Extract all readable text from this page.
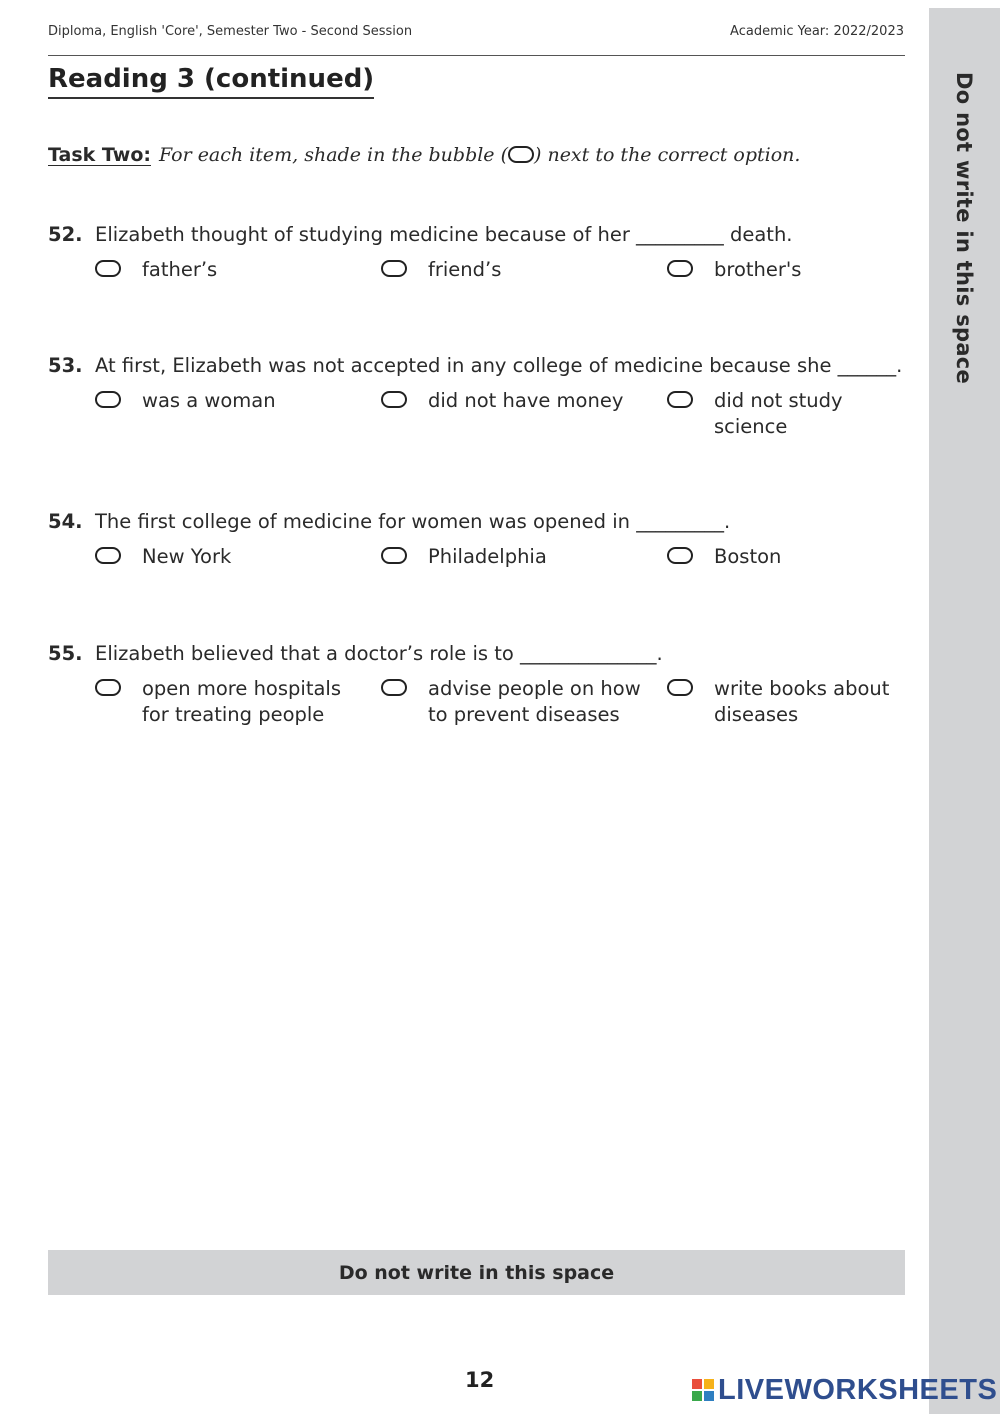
Do not write in this space
Diploma, English 'Core', Semester Two - Second Session	Academic Year: 2022/2023
Reading 3 (continued)
Task Two: For each item, shade in the bubble ( ) next to the correct option.
52. Elizabeth thought of studying medicine because of her _________ death.
father’s	friend’s	brother's
53. At first, Elizabeth was not accepted in any college of medicine because she ______.
was a woman	did not have money	did not study
science
54. The first college of medicine for women was opened in _________.
New York	Philadelphia	Boston
55. Elizabeth believed that a doctor’s role is to ______________.
open more hospitals
for treating people
advise people on how
to prevent diseases
write books about
diseases
Do not write in this space
12	LIVEWORKSHEETS
